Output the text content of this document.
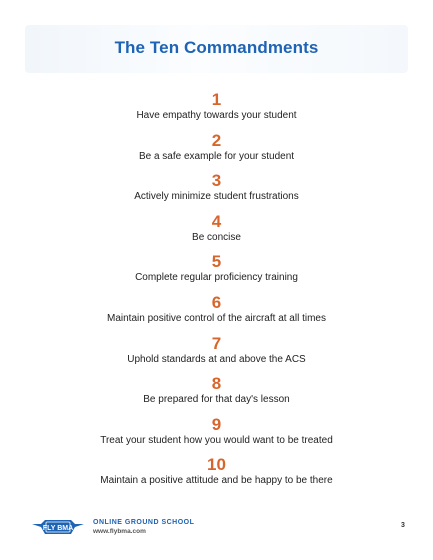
The Ten Commandments
1
Have empathy towards your student
2
Be a safe example for your student
3
Actively minimize student frustrations
4
Be concise
5
Complete regular proficiency training
6
Maintain positive control of the aircraft at all times
7
Uphold standards at and above the ACS
8
Be prepared for that day's lesson
9
Treat your student how you would want to be treated
10
Maintain a positive attitude and be happy to be there
FLY BMA
ONLINE GROUND SCHOOL
www.flybma.com
3
